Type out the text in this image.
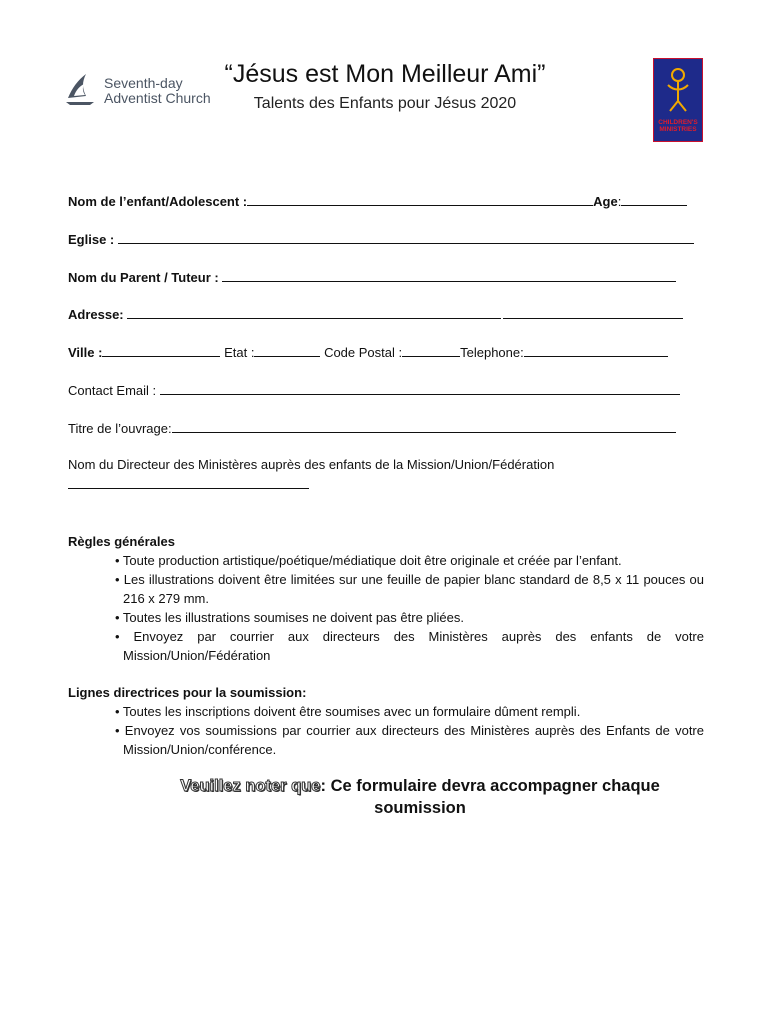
Seventh-day
Adventist Church
“Jésus est Mon Meilleur Ami”
Talents des Enfants pour Jésus 2020
CHILDREN'S MINISTRIES
Nom de l’enfant/Adolescent :	Age:
Eglise :
Nom du Parent / Tuteur :
Adresse:
Ville :	Etat :	Code Postal :	Telephone:
Contact Email :
Titre de l’ouvrage:
Nom du Directeur des Ministères auprès des enfants de la Mission/Union/Fédération
Règles générales
• Toute production artistique/poétique/médiatique doit être originale et créée par l’enfant.
• Les illustrations doivent être limitées sur une feuille de papier blanc standard de 8,5 x 11 pouces ou 216 x 279 mm.
• Toutes les illustrations soumises ne doivent pas être pliées.
• Envoyez par courrier aux directeurs des Ministères auprès des enfants de votre Mission/Union/Fédération
Lignes directrices pour la soumission:
• Toutes les inscriptions doivent être soumises avec un formulaire dûment rempli.
• Envoyez vos soumissions par courrier aux directeurs des Ministères auprès des Enfants de votre Mission/Union/conférence.
Veuillez noter que: Ce formulaire devra accompagner chaque
soumission
